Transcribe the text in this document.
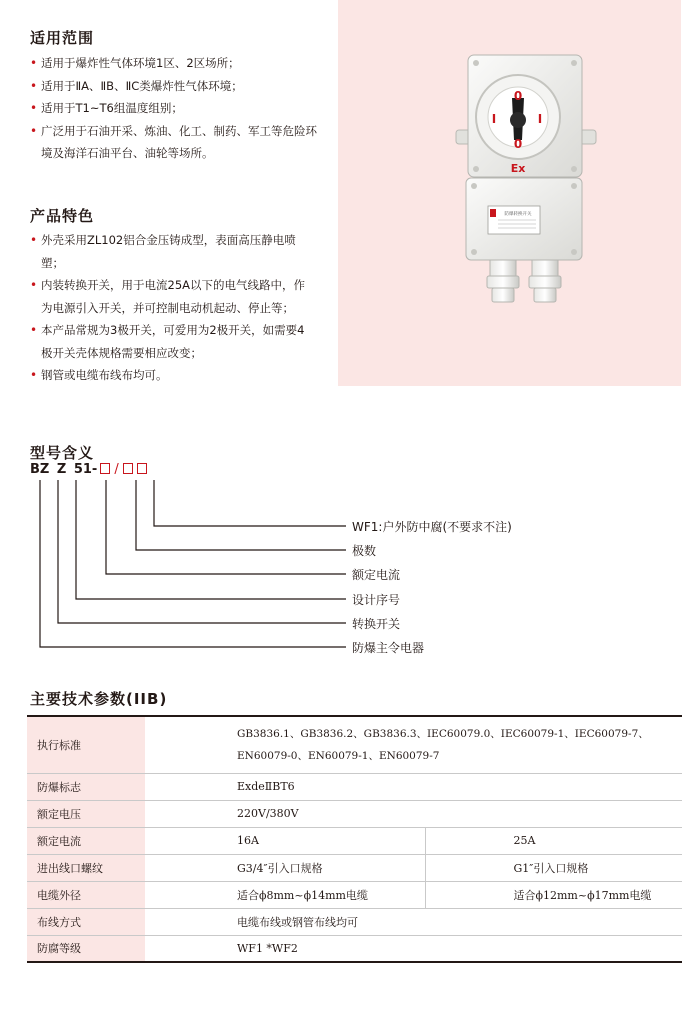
适用范围
• 适用于爆炸性气体环境1区、2区场所；
• 适用于ⅡA、ⅡB、ⅡC类爆炸性气体环境；
• 适用于T1~T6组温度组别；
• 广泛用于石油开采、炼油、化工、制药、军工等危险环境及海洋石油平台、油轮等场所。
产品特色
• 外壳采用ZL102铝合金压铸成型，表面高压静电喷塑；
• 内装转换开关，用于电流25A以下的电气线路中，作为电源引入开关，并可控制电动机起动、停止等；
• 本产品常规为3极开关，可爱用为2极开关，如需要4极开关壳体规格需要相应改变；
• 钢管或电缆布线布均可。
0
I	I
0
Ex
防爆转换开关
型号含义
BZ Z 51- /
WF1:户外防中腐(不要求不注)
极数
额定电流
设计序号
转换开关
防爆主令电器
主要技术参数(IIB)
执行标准	GB3836.1、GB3836.2、GB3836.3、IEC60079.0、IEC60079-1、IEC60079-7、EN60079-0、EN60079-1、EN60079-7	
防爆标志	ExdeⅡBT6	
额定电压	220V/380V	
额定电流	16A	25A
进出线口螺纹	G3/4″引入口规格	G1″引入口规格
电缆外径	适合ϕ8mm~ϕ14mm电缆	适合ϕ12mm~ϕ17mm电缆
布线方式	电缆布线或钢管布线均可	
防腐等级	WF1 *WF2	
